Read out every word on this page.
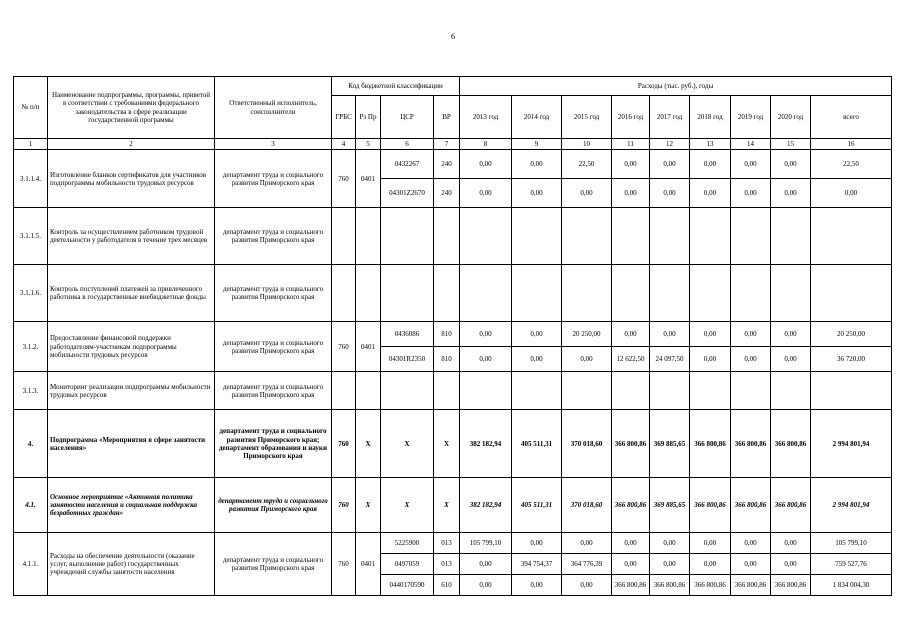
6
№ п/п	Наименование подпрограммы, программы, приветой в соответствии с требованиями федерального законодательства в сфере реализации государственной программы	Ответственный исполнитель, соисполнители	Код бюджетной классификации				Расходы (тыс. руб.), годы								
			ГРБС	Рз Пр	ЦСР	ВР	2013 год	2014 год	2015 год	2016 год	2017 год	2018 год	2019 год	2020 год	всего
1	2	3	4	5	6	7	8	9	10	11	12	13	14	15	16
3.1.1.4.	Изготовление бланков сертификатов для участников подпрограммы мобильности трудовых ресурсов	департамент труда и социального развития Приморского края	760	0401	0432267	240	0,00	0,00	22,50	0,00	0,00	0,00	0,00	0,00	22,50
					04301Z2670	240	0,00	0,00	0,00	0,00	0,00	0,00	0,00	0,00	0,00
3.1.1.5.	Контроль за осуществлением работником трудовой деятельности у работодателя в течение трех месяцев	департамент труда и социального развития Приморского края													
3.1.1.6.	Контроль поступлений платежей за привлеченного работника в государственные внебюджетные фонды	департамент труда и социального развития Приморского края													
3.1.2.	Предоставление финансовой поддержки работодателям-участникам подпрограммы мобильности трудовых ресурсов	департамент труда и социального развития Приморского края	760	0401	0436086	810	0,00	0,00	20 250,00	0,00	0,00	0,00	0,00	0,00	20 250,00
					04301R2350	810	0,00	0,00	0,00	12 622,50	24 097,50	0,00	0,00	0,00	36 720,00
3.1.3.	Мониторинг реализации подпрограммы мобильности трудовых ресурсов	департамент труда и социального развития Приморского края													
4.	Подпрограмма «Мероприятия в сфере занятости населения»	департамент труда и социального развития Приморского края; департамент образования и науки Приморского края	760	X	X	X	382 182,94	405 511,31	370 018,60	366 800,86	369 885,65	366 800,86	366 800,86	366 800,86	2 994 801,94
4.1.	Основное мероприятие «Активная политика занятости населения и социальная поддержка безработных граждан»	департамент труда и социального развития Приморского края	760	X	X	X	382 182,94	405 511,31	370 018,60	366 800,86	369 885,65	366 800,86	366 800,86	366 800,86	2 994 801,94
4.1.1.	Расходы на обеспечение деятельности (оказание услуг, выполнение работ) государственных учреждений службы занятости населения	департамент труда и социального развития Приморского края	760	0401	5225900	013	105 799,10	0,00	0,00	0,00	0,00	0,00	0,00	0,00	105 799,10
					0497059	013	0,00	394 754,37	364 776,39	0,00	0,00	0,00	0,00	0,00	759 527,76
					0440170590	610	0,00	0,00	0,00	366 800,86	366 800,86	366 800,86	366 800,86	366 800,86	1 834 004,30
